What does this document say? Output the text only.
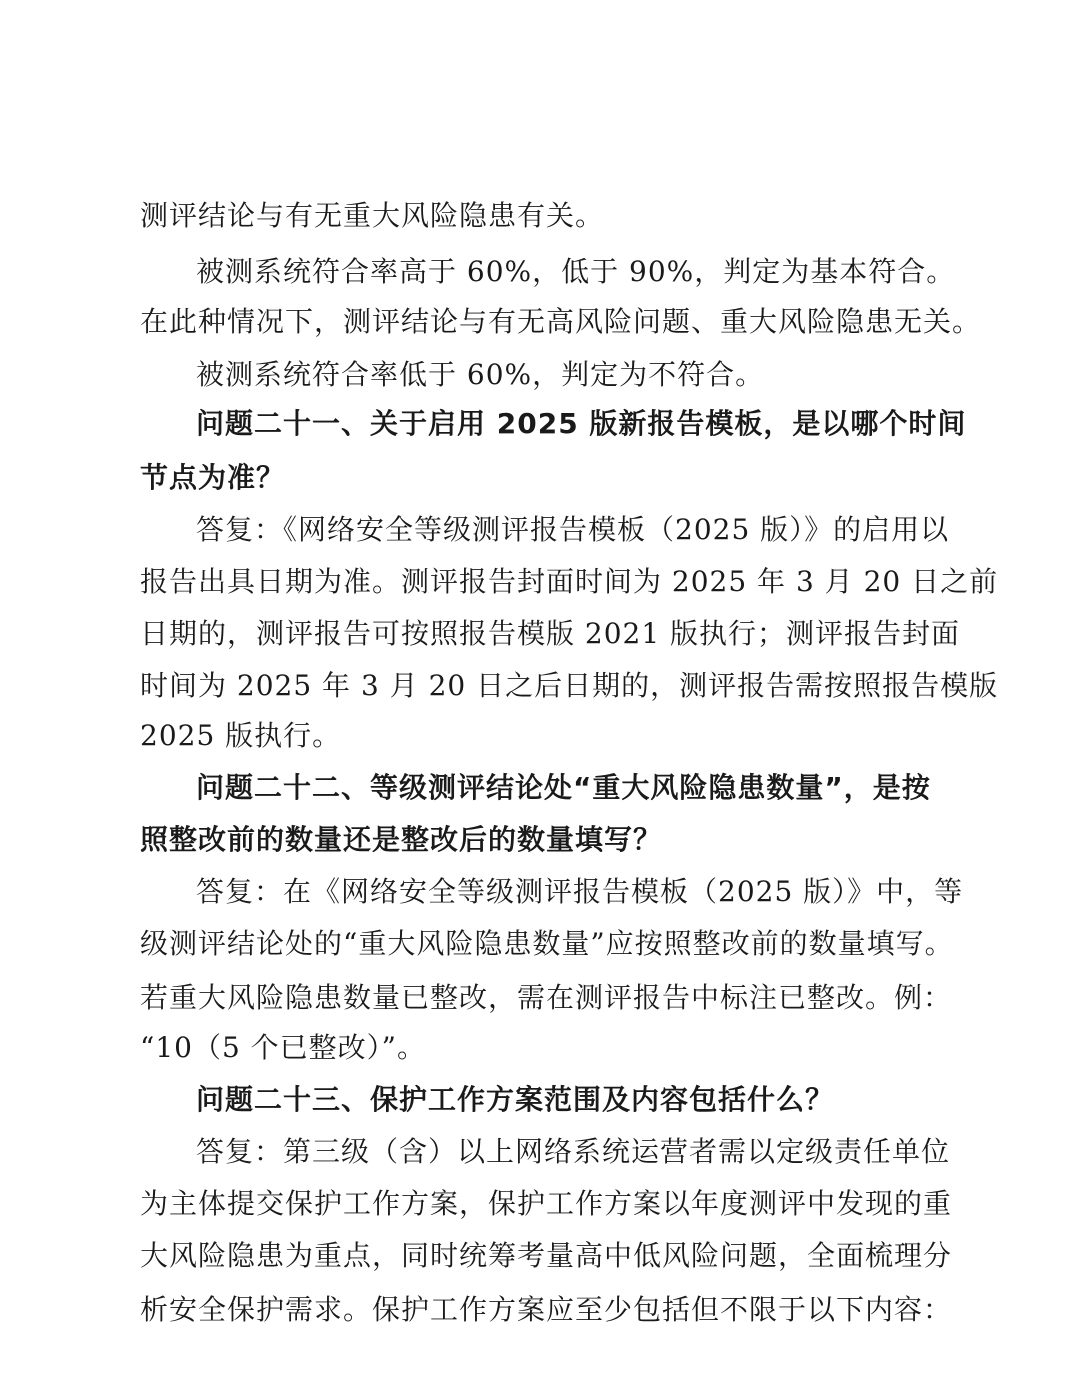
测评结论与有无重大风险隐患有关。
被测系统符合率高于 60%，低于 90%，判定为基本符合。
在此种情况下，测评结论与有无高风险问题、重大风险隐患无关。
被测系统符合率低于 60%，判定为不符合。
问题二十一、关于启用 2025 版新报告模板，是以哪个时间
节点为准？
答复：《网络安全等级测评报告模板（2025 版）》的启用以
报告出具日期为准。测评报告封面时间为 2025 年 3 月 20 日之前
日期的，测评报告可按照报告模版 2021 版执行；测评报告封面
时间为 2025 年 3 月 20 日之后日期的，测评报告需按照报告模版
2025 版执行。
问题二十二、等级测评结论处“重大风险隐患数量”，是按
照整改前的数量还是整改后的数量填写？
答复：在《网络安全等级测评报告模板（2025 版）》中，等
级测评结论处的“重大风险隐患数量”应按照整改前的数量填写。
若重大风险隐患数量已整改，需在测评报告中标注已整改。例：
“10（5 个已整改）”。
问题二十三、保护工作方案范围及内容包括什么？
答复：第三级（含）以上网络系统运营者需以定级责任单位
为主体提交保护工作方案，保护工作方案以年度测评中发现的重
大风险隐患为重点，同时统筹考量高中低风险问题，全面梳理分
析安全保护需求。保护工作方案应至少包括但不限于以下内容：
